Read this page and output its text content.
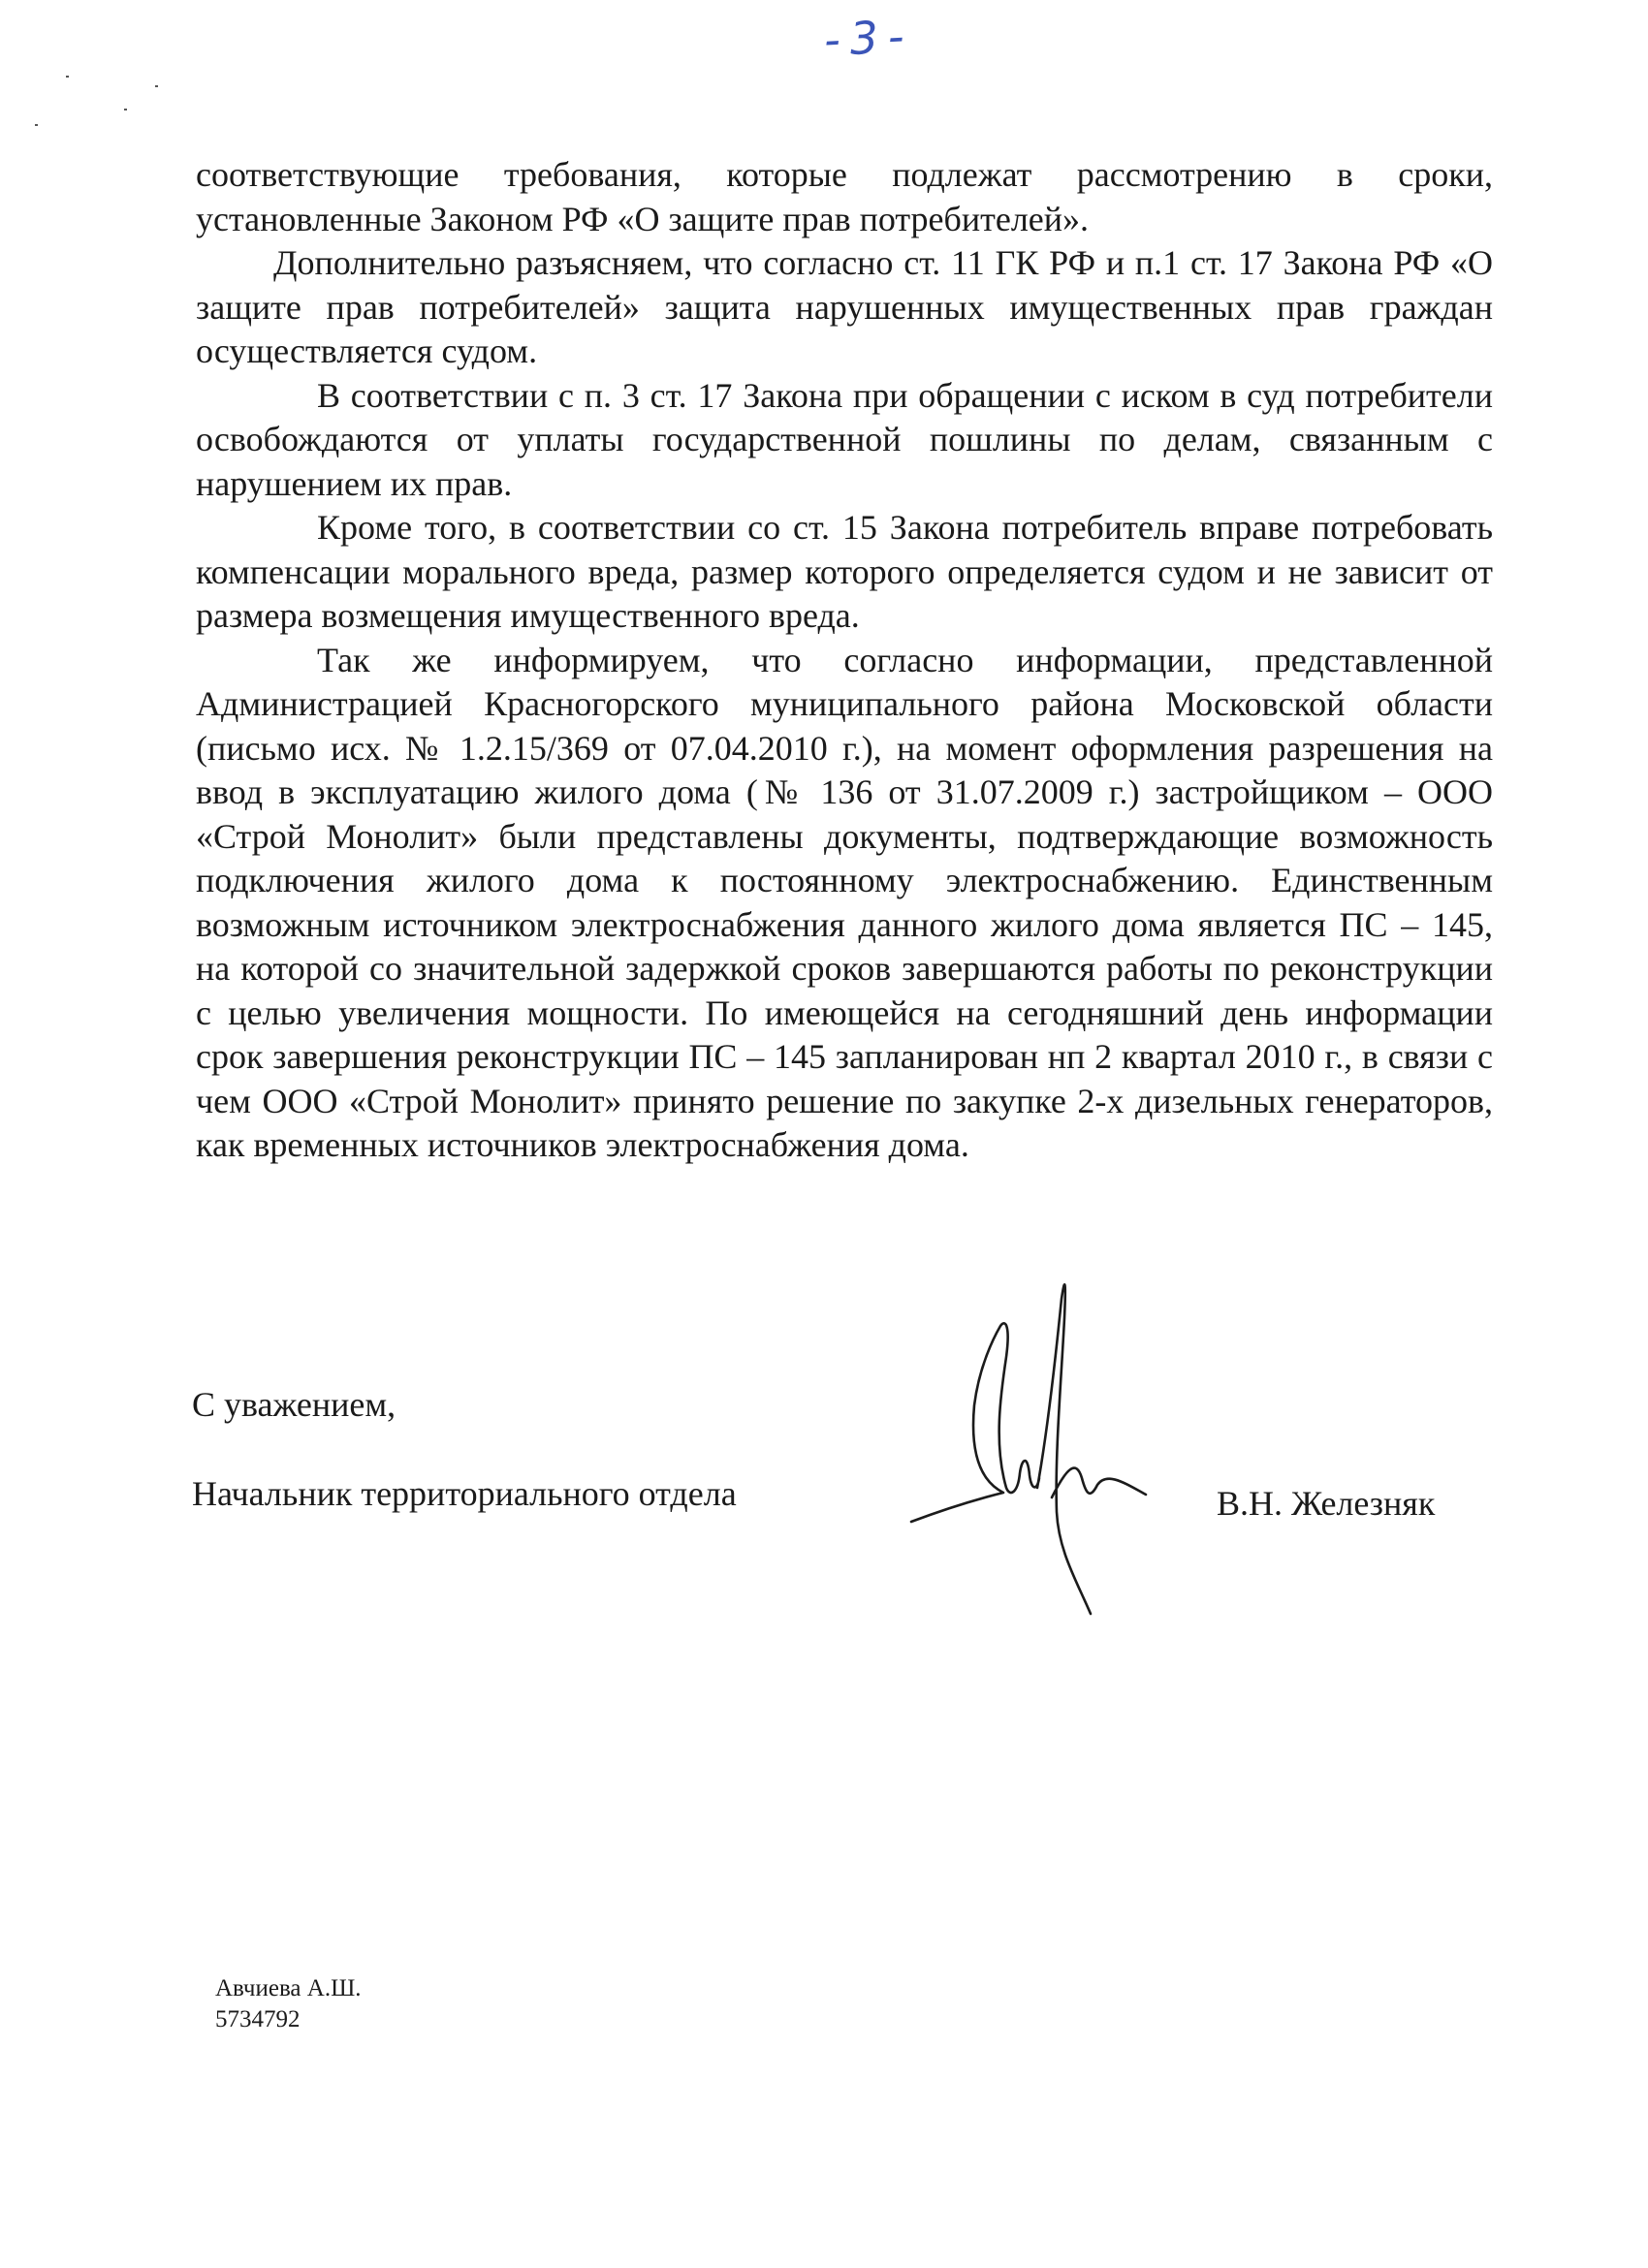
-3-

соответствующие требования, которые подлежат рассмотрению в сроки, установленные Законом РФ «О защите прав потребителей».

Дополнительно разъясняем, что согласно ст. 11 ГК РФ и п.1 ст. 17 Закона РФ «О защите прав потребителей» защита нарушенных имущественных прав граждан осуществляется судом.

В соответствии с п. 3 ст. 17 Закона при обращении с иском в суд потребители освобождаются от уплаты государственной пошлины по делам, связанным с нарушением их прав.

Кроме того, в соответствии со ст. 15 Закона потребитель вправе потребовать компенсации морального вреда, размер которого определяется судом и не зависит от размера возмещения имущественного вреда.

Так же информируем, что согласно информации, представленной Администрацией Красногорского муниципального района Московской области (письмо исх. № 1.2.15/369 от 07.04.2010 г.), на момент оформления разрешения на ввод в эксплуатацию жилого дома (№ 136 от 31.07.2009 г.) застройщиком – ООО «Строй Монолит» были представлены документы, подтверждающие возможность подключения жилого дома к постоянному электроснабжению. Единственным возможным источником электроснабжения данного жилого дома является ПС – 145, на которой со значительной задержкой сроков завершаются работы по реконструкции с целью увеличения мощности. По имеющейся на сегодняшний день информации срок завершения реконструкции ПС – 145 запланирован нп 2 квартал 2010 г., в связи с чем ООО «Строй Монолит» принято решение по закупке 2-х дизельных генераторов, как временных источников электроснабжения дома.

С уважением,
Начальник территориального отдела	В.Н. Железняк
Авчиева А.Ш.
5734792
